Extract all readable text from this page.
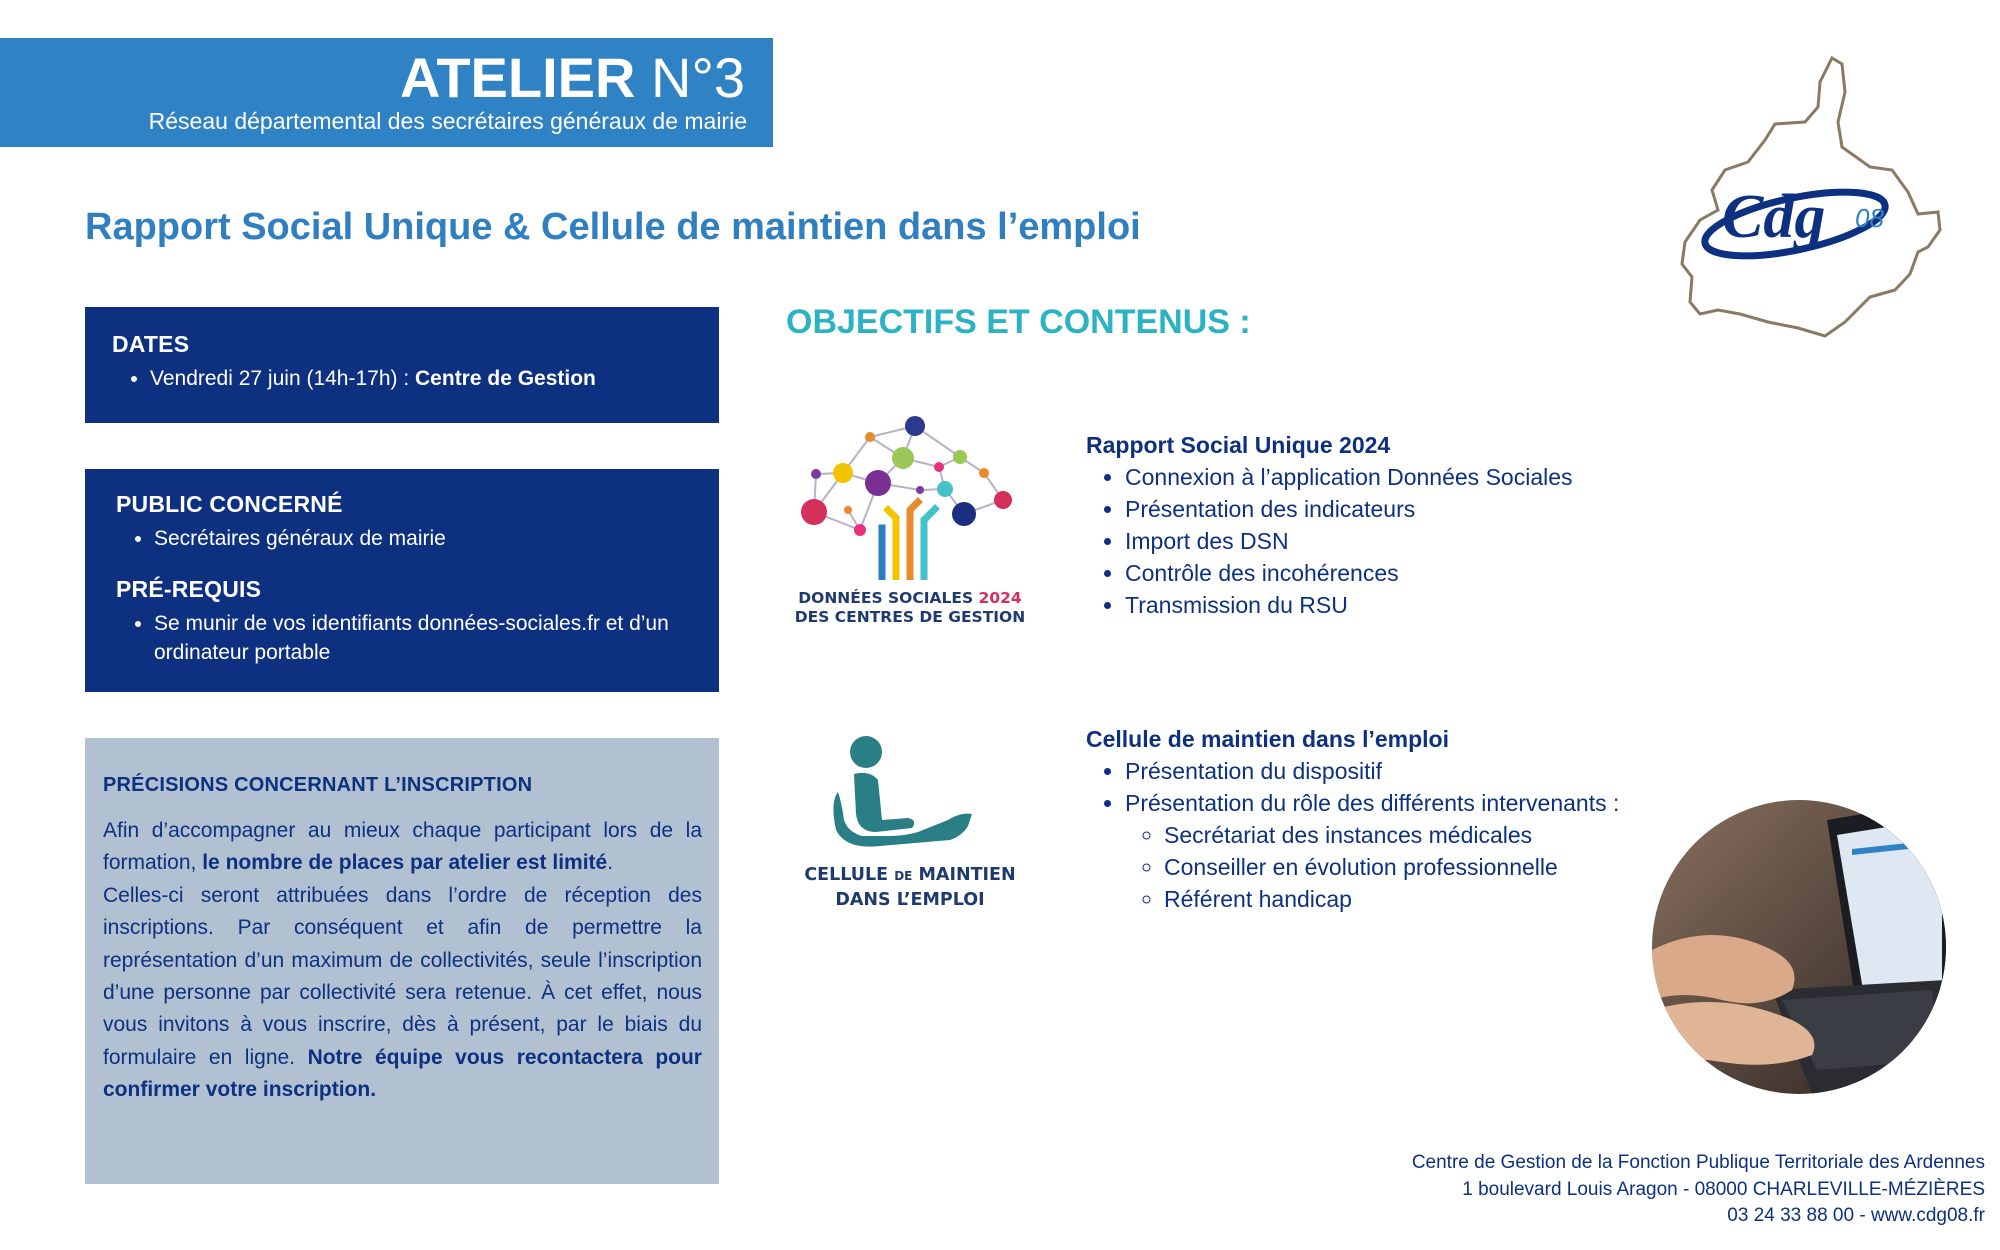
ATELIER N°3
Réseau départemental des secrétaires généraux de mairie
Cdg 08
Rapport Social Unique & Cellule de maintien dans l’emploi
OBJECTIFS ET CONTENUS :
DATES
• Vendredi 27 juin (14h-17h) : Centre de Gestion
PUBLIC CONCERNÉ
• Secrétaires généraux de mairie
PRÉ-REQUIS
• Se munir de vos identifiants données-sociales.fr et d’un ordinateur portable
PRÉCISIONS CONCERNANT L’INSCRIPTION

Afin d’accompagner au mieux chaque participant lors de la formation, le nombre de places par atelier est limité.

Celles-ci seront attribuées dans l’ordre de réception des inscriptions. Par conséquent et afin de permettre la représentation d’un maximum de collectivités, seule l’inscription d’une personne par collectivité sera retenue. À cet effet, nous vous invitons à vous inscrire, dès à présent, par le biais du formulaire en ligne. Notre équipe vous recontactera pour confirmer votre inscription.

DONNÉES SOCIALES 2024
DES CENTRES DE GESTION
Rapport Social Unique 2024
• Connexion à l’application Données Sociales
• Présentation des indicateurs
• Import des DSN
• Contrôle des incohérences
• Transmission du RSU
CELLULE DE MAINTIEN
DANS L’EMPLOI
Cellule de maintien dans l’emploi
• Présentation du dispositif
• Présentation du rôle des différents intervenants :
◦ Secrétariat des instances médicales
◦ Conseiller en évolution professionnelle
◦ Référent handicap
Centre de Gestion de la Fonction Publique Territoriale des Ardennes
1 boulevard Louis Aragon - 08000 CHARLEVILLE-MÉZIÈRES
03 24 33 88 00 - www.cdg08.fr
